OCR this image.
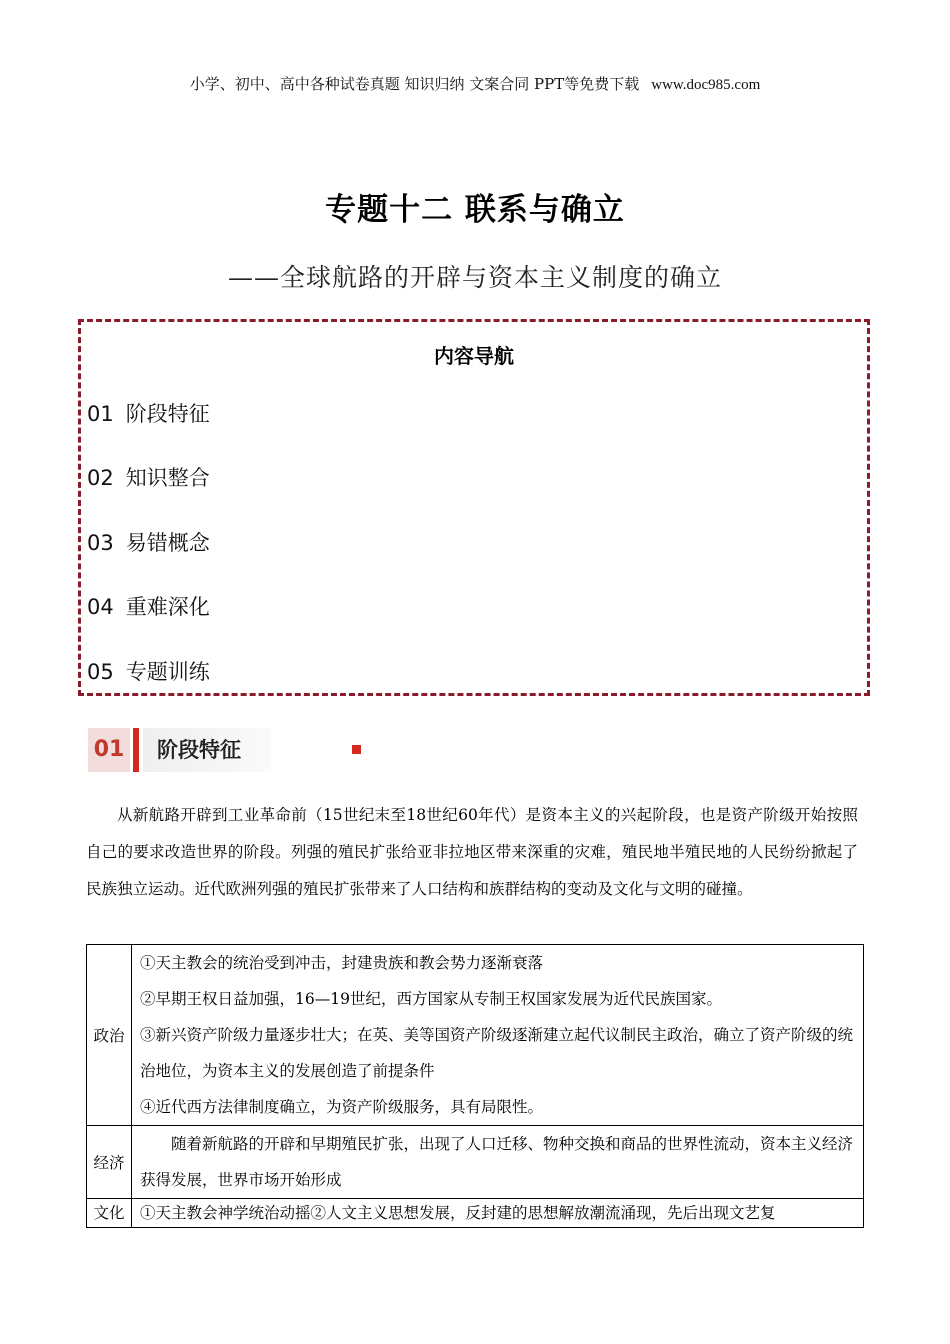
小学、初中、高中各种试卷真题 知识归纳 文案合同 PPT等免费下载 www.doc985.com
专题十二 联系与确立
——全球航路的开辟与资本主义制度的确立
内容导航
01 阶段特征
02 知识整合
03 易错概念
04 重难深化
05 专题训练
01	阶段特征
从新航路开辟到工业革命前（15世纪末至18世纪60年代）是资本主义的兴起阶段，也是资产阶级开始按照自己的要求改造世界的阶段。列强的殖民扩张给亚非拉地区带来深重的灾难，殖民地半殖民地的人民纷纷掀起了民族独立运动。近代欧洲列强的殖民扩张带来了人口结构和族群结构的变动及文化与文明的碰撞。
政治	①天主教会的统治受到冲击，封建贵族和教会势力逐渐衰落
②早期王权日益加强，16—19世纪，西方国家从专制王权国家发展为近代民族国家。
③新兴资产阶级力量逐步壮大；在英、美等国资产阶级逐渐建立起代议制民主政治，确立了资产阶级的统治地位，为资本主义的发展创造了前提条件
④近代西方法律制度确立，为资产阶级服务，具有局限性。

经济	随着新航路的开辟和早期殖民扩张，出现了人口迁移、物种交换和商品的世界性流动，资本主义经济获得发展，世界市场开始形成

文化	①天主教会神学统治动摇②人文主义思想发展，反封建的思想解放潮流涌现，先后出现文艺复
